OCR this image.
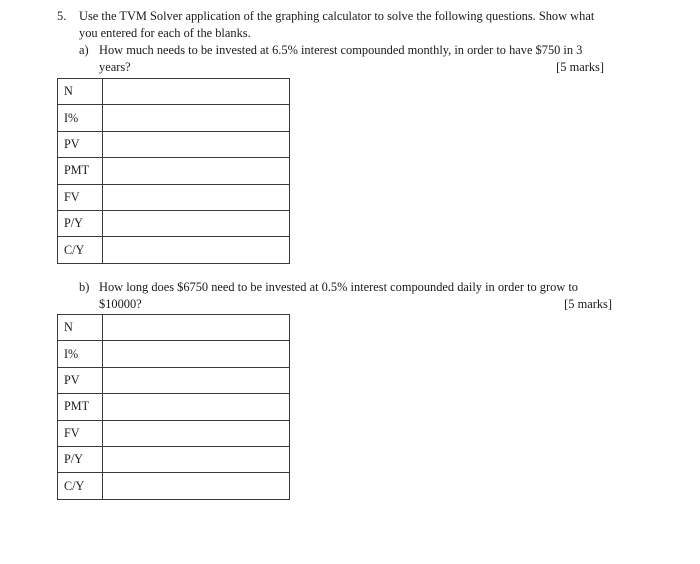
5. Use the TVM Solver application of the graphing calculator to solve the following questions. Show what
you entered for each of the blanks.
a) How much needs to be invested at 6.5% interest compounded monthly, in order to have $750 in 3
years?	[5 marks]
N	
I%	
PV	
PMT	
FV	
P/Y	
C/Y	
b) How long does $6750 need to be invested at 0.5% interest compounded daily in order to grow to
$10000?	[5 marks]
N	
I%	
PV	
PMT	
FV	
P/Y	
C/Y	
